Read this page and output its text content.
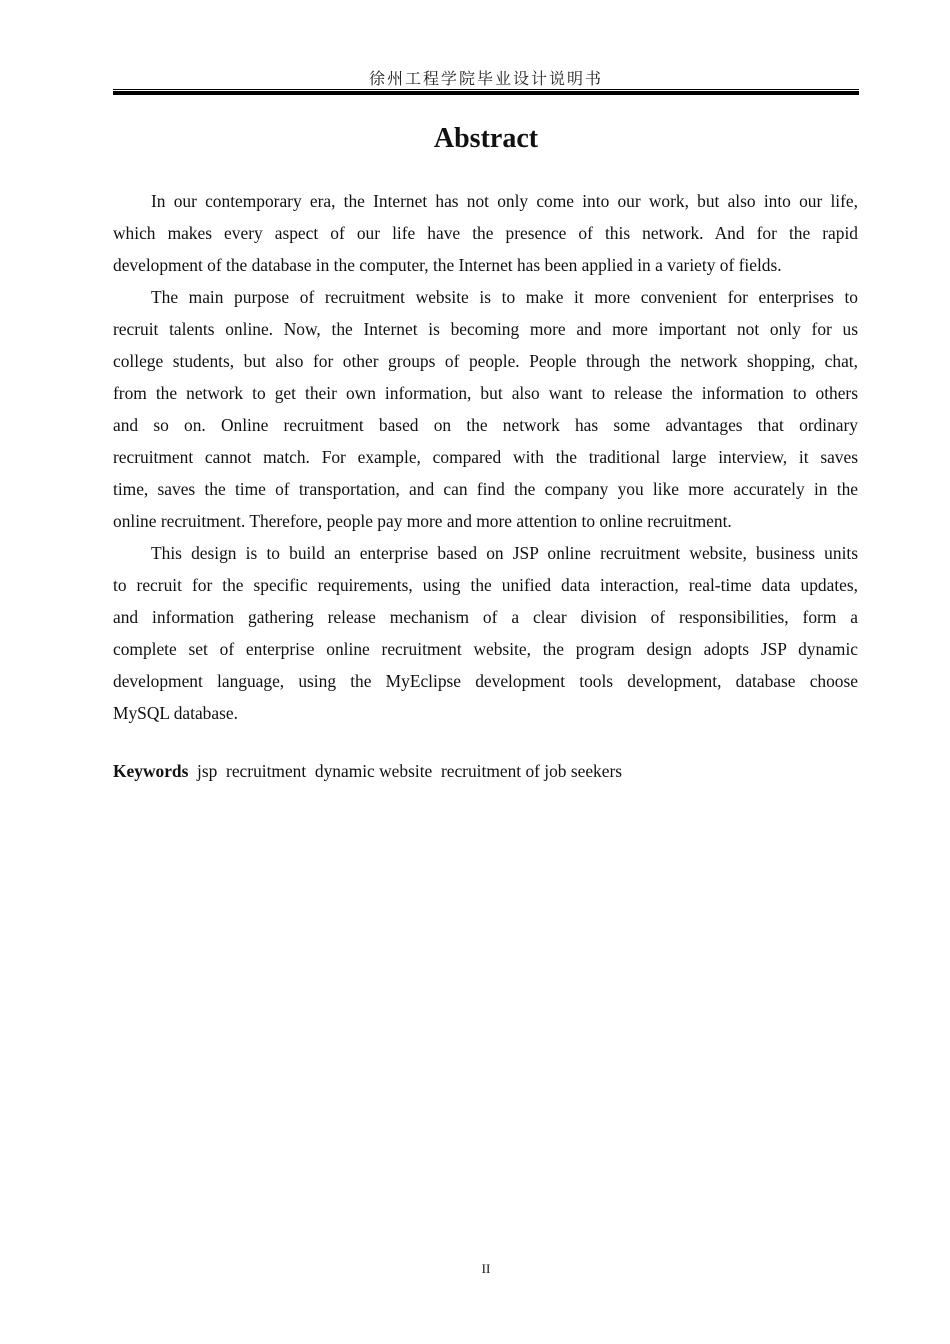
徐州工程学院毕业设计说明书
Abstract
In our contemporary era, the Internet has not only come into our work, but also into our life,
which makes every aspect of our life have the presence of this network. And for the rapid
development of the database in the computer, the Internet has been applied in a variety of fields.
The main purpose of recruitment website is to make it more convenient for enterprises to
recruit talents online. Now, the Internet is becoming more and more important not only for us
college students, but also for other groups of people. People through the network shopping, chat,
from the network to get their own information, but also want to release the information to others
and so on. Online recruitment based on the network has some advantages that ordinary
recruitment cannot match. For example, compared with the traditional large interview, it saves
time, saves the time of transportation, and can find the company you like more accurately in the
online recruitment. Therefore, people pay more and more attention to online recruitment.
This design is to build an enterprise based on JSP online recruitment website, business units
to recruit for the specific requirements, using the unified data interaction, real-time data updates,
and information gathering release mechanism of a clear division of responsibilities, form a
complete set of enterprise online recruitment website, the program design adopts JSP dynamic
development language, using the MyEclipse development tools development, database choose
MySQL database.
Keywords  jsp  recruitment  dynamic website  recruitment of job seekers
II
